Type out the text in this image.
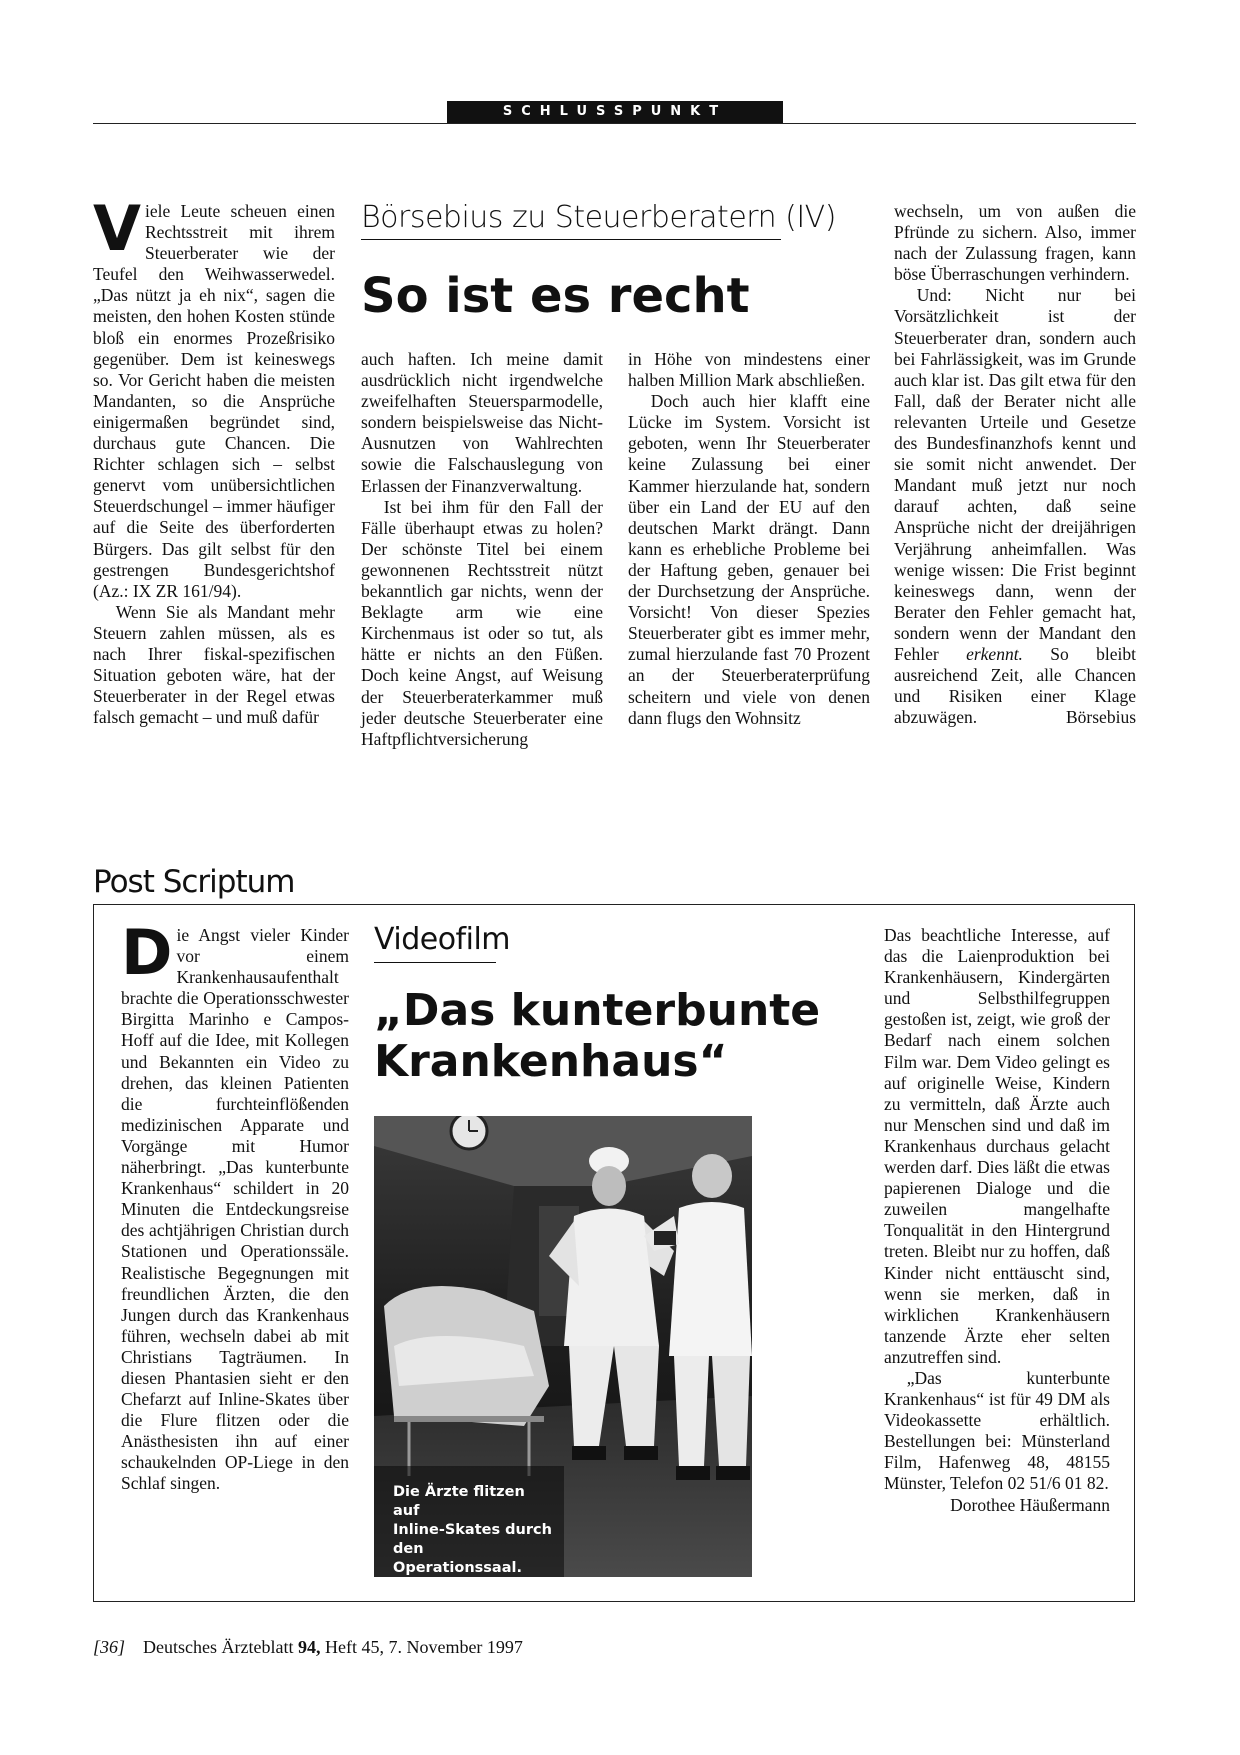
SCHLUSSPUNKT

Viele Leute scheuen einen Rechtsstreit mit ihrem Steuerberater wie der Teufel den Weihwasserwedel. „Das nützt ja eh nix“, sagen die meisten, den hohen Kosten stünde bloß ein enormes Prozeßrisiko gegenüber. Dem ist keineswegs so. Vor Gericht haben die meisten Mandanten, so die Ansprüche einigermaßen begründet sind, durchaus gute Chancen. Die Richter schlagen sich – selbst genervt vom unübersichtlichen Steuerdschungel – immer häufiger auf die Seite des überforderten Bürgers. Das gilt selbst für den gestrengen Bundesgerichtshof (Az.: IX ZR 161/94).

Wenn Sie als Mandant mehr Steuern zahlen müssen, als es nach Ihrer fiskal-spezifischen Situation geboten wäre, hat der Steuerberater in der Regel etwas falsch gemacht – und muß dafür

Börsebius zu Steuerberatern (IV)
So ist es recht

auch haften. Ich meine damit ausdrücklich nicht irgendwelche zweifelhaften Steuersparmodelle, sondern beispielsweise das Nicht-Ausnutzen von Wahlrechten sowie die Falschauslegung von Erlassen der Finanzverwaltung.

Ist bei ihm für den Fall der Fälle überhaupt etwas zu holen? Der schönste Titel bei einem gewonnenen Rechtsstreit nützt bekanntlich gar nichts, wenn der Beklagte arm wie eine Kirchenmaus ist oder so tut, als hätte er nichts an den Füßen. Doch keine Angst, auf Weisung der Steuerberaterkammer muß jeder deutsche Steuerberater eine Haftpflichtversicherung

in Höhe von mindestens einer halben Million Mark abschließen.

Doch auch hier klafft eine Lücke im System. Vorsicht ist geboten, wenn Ihr Steuerberater keine Zulassung bei einer Kammer hierzulande hat, sondern über ein Land der EU auf den deutschen Markt drängt. Dann kann es erhebliche Probleme bei der Haftung geben, genauer bei der Durchsetzung der Ansprüche. Vorsicht! Von dieser Spezies Steuerberater gibt es immer mehr, zumal hierzulande fast 70 Prozent an der Steuerberaterprüfung scheitern und viele von denen dann flugs den Wohnsitz

wechseln, um von außen die Pfründe zu sichern. Also, immer nach der Zulassung fragen, kann böse Überraschungen verhindern.

Und: Nicht nur bei Vorsätzlichkeit ist der Steuerberater dran, sondern auch bei Fahrlässigkeit, was im Grunde auch klar ist. Das gilt etwa für den Fall, daß der Berater nicht alle relevanten Urteile und Gesetze des Bundesfinanzhofs kennt und sie somit nicht anwendet. Der Mandant muß jetzt nur noch darauf achten, daß seine Ansprüche nicht der dreijährigen Verjährung anheimfallen. Was wenige wissen: Die Frist beginnt keineswegs dann, wenn der Berater den Fehler gemacht hat, sondern wenn der Mandant den Fehler erkennt. So bleibt ausreichend Zeit, alle Chancen und Risiken einer Klage abzuwägen.	Börsebius

Post Scriptum

Die Angst vieler Kinder vor einem Krankenhausaufenthalt brachte die Operationsschwester Birgitta Marinho e Campos-Hoff auf die Idee, mit Kollegen und Bekannten ein Video zu drehen, das kleinen Patienten die furchteinflößenden medizinischen Apparate und Vorgänge mit Humor näherbringt. „Das kunterbunte Krankenhaus“ schildert in 20 Minuten die Entdeckungsreise des achtjährigen Christian durch Stationen und Operationssäle. Realistische Begegnungen mit freundlichen Ärzten, die den Jungen durch das Krankenhaus führen, wechseln dabei ab mit Christians Tagträumen. In diesen Phantasien sieht er den Chefarzt auf Inline-Skates über die Flure flitzen oder die Anästhesisten ihn auf einer schaukelnden OP-Liege in den Schlaf singen.

Videofilm
„Das kunterbunte
Krankenhaus“
Die Ärzte flitzen auf
Inline-Skates durch
den Operationssaal.
Foto: Münsterland Film

Das beachtliche Interesse, auf das die Laienproduktion bei Krankenhäusern, Kindergärten und Selbsthilfegruppen gestoßen ist, zeigt, wie groß der Bedarf nach einem solchen Film war. Dem Video gelingt es auf originelle Weise, Kindern zu vermitteln, daß Ärzte auch nur Menschen sind und daß im Krankenhaus durchaus gelacht werden darf. Dies läßt die etwas papierenen Dialoge und die zuweilen mangelhafte Tonqualität in den Hintergrund treten. Bleibt nur zu hoffen, daß Kinder nicht enttäuscht sind, wenn sie merken, daß in wirklichen Krankenhäusern tanzende Ärzte eher selten anzutreffen sind.

„Das kunterbunte Krankenhaus“ ist für 49 DM als Videokassette erhältlich. Bestellungen bei: Münsterland Film, Hafenweg 48, 48155 Münster, Telefon 02 51/6 01 82.

Dorothee Häußermann

[36] Deutsches Ärzteblatt 94, Heft 45, 7. November 1997
